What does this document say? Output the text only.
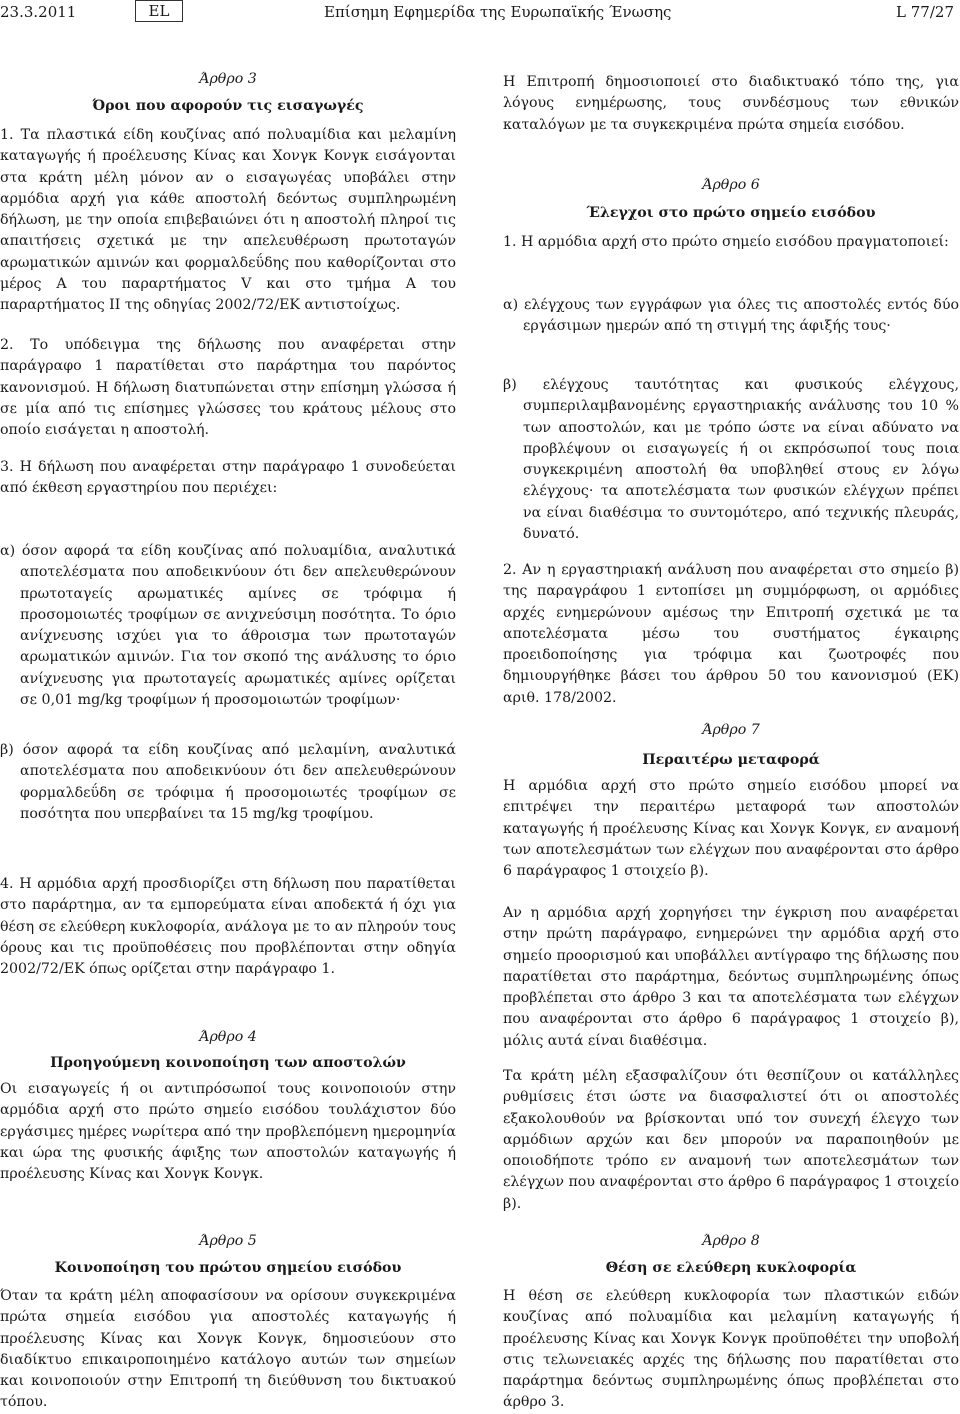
23.3.2011	EL	Επίσημη Εφημερίδα της Ευρωπαϊκής Ένωσης	L 77/27
Άρθρο 3
Όροι που αφορούν τις εισαγωγές
1. Τα πλαστικά είδη κουζίνας από πολυαμίδια και μελαμίνη καταγωγής ή προέλευσης Κίνας και Χονγκ Κονγκ εισάγονται στα κράτη μέλη μόνον αν ο εισαγωγέας υποβάλει στην αρμόδια αρχή για κάθε αποστολή δεόντως συμπληρωμένη δήλωση, με την οποία επιβεβαιώνει ότι η αποστολή πληροί τις απαιτήσεις σχετικά με την απελευθέρωση πρωτοταγών αρωματικών αμινών και φορμαλδεΰδης που καθορίζονται στο μέρος Α του παραρτήματος V και στο τμήμα Α του παραρτήματος ΙΙ της οδηγίας 2002/72/ΕΚ αντιστοίχως.
2. Το υπόδειγμα της δήλωσης που αναφέρεται στην παράγραφο 1 παρατίθεται στο παράρτημα του παρόντος κανονισμού. Η δήλωση διατυπώνεται στην επίσημη γλώσσα ή σε μία από τις επίσημες γλώσσες του κράτους μέλους στο οποίο εισάγεται η αποστολή.
3. Η δήλωση που αναφέρεται στην παράγραφο 1 συνοδεύεται από έκθεση εργαστηρίου που περιέχει:
α) όσον αφορά τα είδη κουζίνας από πολυαμίδια, αναλυτικά αποτελέσματα που αποδεικνύουν ότι δεν απελευθερώνουν πρωτοταγείς αρωματικές αμίνες σε τρόφιμα ή προσομοιωτές τροφίμων σε ανιχνεύσιμη ποσότητα. Το όριο ανίχνευσης ισχύει για το άθροισμα των πρωτοταγών αρωματικών αμινών. Για τον σκοπό της ανάλυσης το όριο ανίχνευσης για πρωτοταγείς αρωματικές αμίνες ορίζεται σε 0,01 mg/kg τροφίμων ή προσομοιωτών τροφίμων·
β) όσον αφορά τα είδη κουζίνας από μελαμίνη, αναλυτικά αποτελέσματα που αποδεικνύουν ότι δεν απελευθερώνουν φορμαλδεΰδη σε τρόφιμα ή προσομοιωτές τροφίμων σε ποσότητα που υπερβαίνει τα 15 mg/kg τροφίμου.
4. Η αρμόδια αρχή προσδιορίζει στη δήλωση που παρατίθεται στο παράρτημα, αν τα εμπορεύματα είναι αποδεκτά ή όχι για θέση σε ελεύθερη κυκλοφορία, ανάλογα με το αν πληρούν τους όρους και τις προϋποθέσεις που προβλέπονται στην οδηγία 2002/72/ΕΚ όπως ορίζεται στην παράγραφο 1.
Άρθρο 4
Προηγούμενη κοινοποίηση των αποστολών
Οι εισαγωγείς ή οι αντιπρόσωποί τους κοινοποιούν στην αρμόδια αρχή στο πρώτο σημείο εισόδου τουλάχιστον δύο εργάσιμες ημέρες νωρίτερα από την προβλεπόμενη ημερομηνία και ώρα της φυσικής άφιξης των αποστολών καταγωγής ή προέλευσης Κίνας και Χονγκ Κονγκ.
Άρθρο 5
Κοινοποίηση του πρώτου σημείου εισόδου
Όταν τα κράτη μέλη αποφασίσουν να ορίσουν συγκεκριμένα πρώτα σημεία εισόδου για αποστολές καταγωγής ή προέλευσης Κίνας και Χονγκ Κονγκ, δημοσιεύουν στο διαδίκτυο επικαιροποιημένο κατάλογο αυτών των σημείων και κοινοποιούν στην Επιτροπή τη διεύθυνση του δικτυακού τόπου.
Η Επιτροπή δημοσιοποιεί στο διαδικτυακό τόπο της, για λόγους ενημέρωσης, τους συνδέσμους των εθνικών καταλόγων με τα συγκεκριμένα πρώτα σημεία εισόδου.
Άρθρο 6
Έλεγχοι στο πρώτο σημείο εισόδου
1. Η αρμόδια αρχή στο πρώτο σημείο εισόδου πραγματοποιεί:
α) ελέγχους των εγγράφων για όλες τις αποστολές εντός δύο εργάσιμων ημερών από τη στιγμή της άφιξής τους·
β) ελέγχους ταυτότητας και φυσικούς ελέγχους, συμπεριλαμβανομένης εργαστηριακής ανάλυσης του 10 % των αποστολών, και με τρόπο ώστε να είναι αδύνατο να προβλέψουν οι εισαγωγείς ή οι εκπρόσωποί τους ποια συγκεκριμένη αποστολή θα υποβληθεί στους εν λόγω ελέγχους· τα αποτελέσματα των φυσικών ελέγχων πρέπει να είναι διαθέσιμα το συντομότερο, από τεχνικής πλευράς, δυνατό.
2. Αν η εργαστηριακή ανάλυση που αναφέρεται στο σημείο β) της παραγράφου 1 εντοπίσει μη συμμόρφωση, οι αρμόδιες αρχές ενημερώνουν αμέσως την Επιτροπή σχετικά με τα αποτελέσματα μέσω του συστήματος έγκαιρης προειδοποίησης για τρόφιμα και ζωοτροφές που δημιουργήθηκε βάσει του άρθρου 50 του κανονισμού (ΕΚ) αριθ. 178/2002.
Άρθρο 7
Περαιτέρω μεταφορά
Η αρμόδια αρχή στο πρώτο σημείο εισόδου μπορεί να επιτρέψει την περαιτέρω μεταφορά των αποστολών καταγωγής ή προέλευσης Κίνας και Χονγκ Κονγκ, εν αναμονή των αποτελεσμάτων των ελέγχων που αναφέρονται στο άρθρο 6 παράγραφος 1 στοιχείο β).
Αν η αρμόδια αρχή χορηγήσει την έγκριση που αναφέρεται στην πρώτη παράγραφο, ενημερώνει την αρμόδια αρχή στο σημείο προορισμού και υποβάλλει αντίγραφο της δήλωσης που παρατίθεται στο παράρτημα, δεόντως συμπληρωμένης όπως προβλέπεται στο άρθρο 3 και τα αποτελέσματα των ελέγχων που αναφέρονται στο άρθρο 6 παράγραφος 1 στοιχείο β), μόλις αυτά είναι διαθέσιμα.
Τα κράτη μέλη εξασφαλίζουν ότι θεσπίζουν οι κατάλληλες ρυθμίσεις έτσι ώστε να διασφαλιστεί ότι οι αποστολές εξακολουθούν να βρίσκονται υπό τον συνεχή έλεγχο των αρμόδιων αρχών και δεν μπορούν να παραποιηθούν με οποιοδήποτε τρόπο εν αναμονή των αποτελεσμάτων των ελέγχων που αναφέρονται στο άρθρο 6 παράγραφος 1 στοιχείο β).
Άρθρο 8
Θέση σε ελεύθερη κυκλοφορία
Η θέση σε ελεύθερη κυκλοφορία των πλαστικών ειδών κουζίνας από πολυαμίδια και μελαμίνη καταγωγής ή προέλευσης Κίνας και Χονγκ Κονγκ προϋποθέτει την υποβολή στις τελωνειακές αρχές της δήλωσης που παρατίθεται στο παράρτημα δεόντως συμπληρωμένης όπως προβλέπεται στο άρθρο 3.
